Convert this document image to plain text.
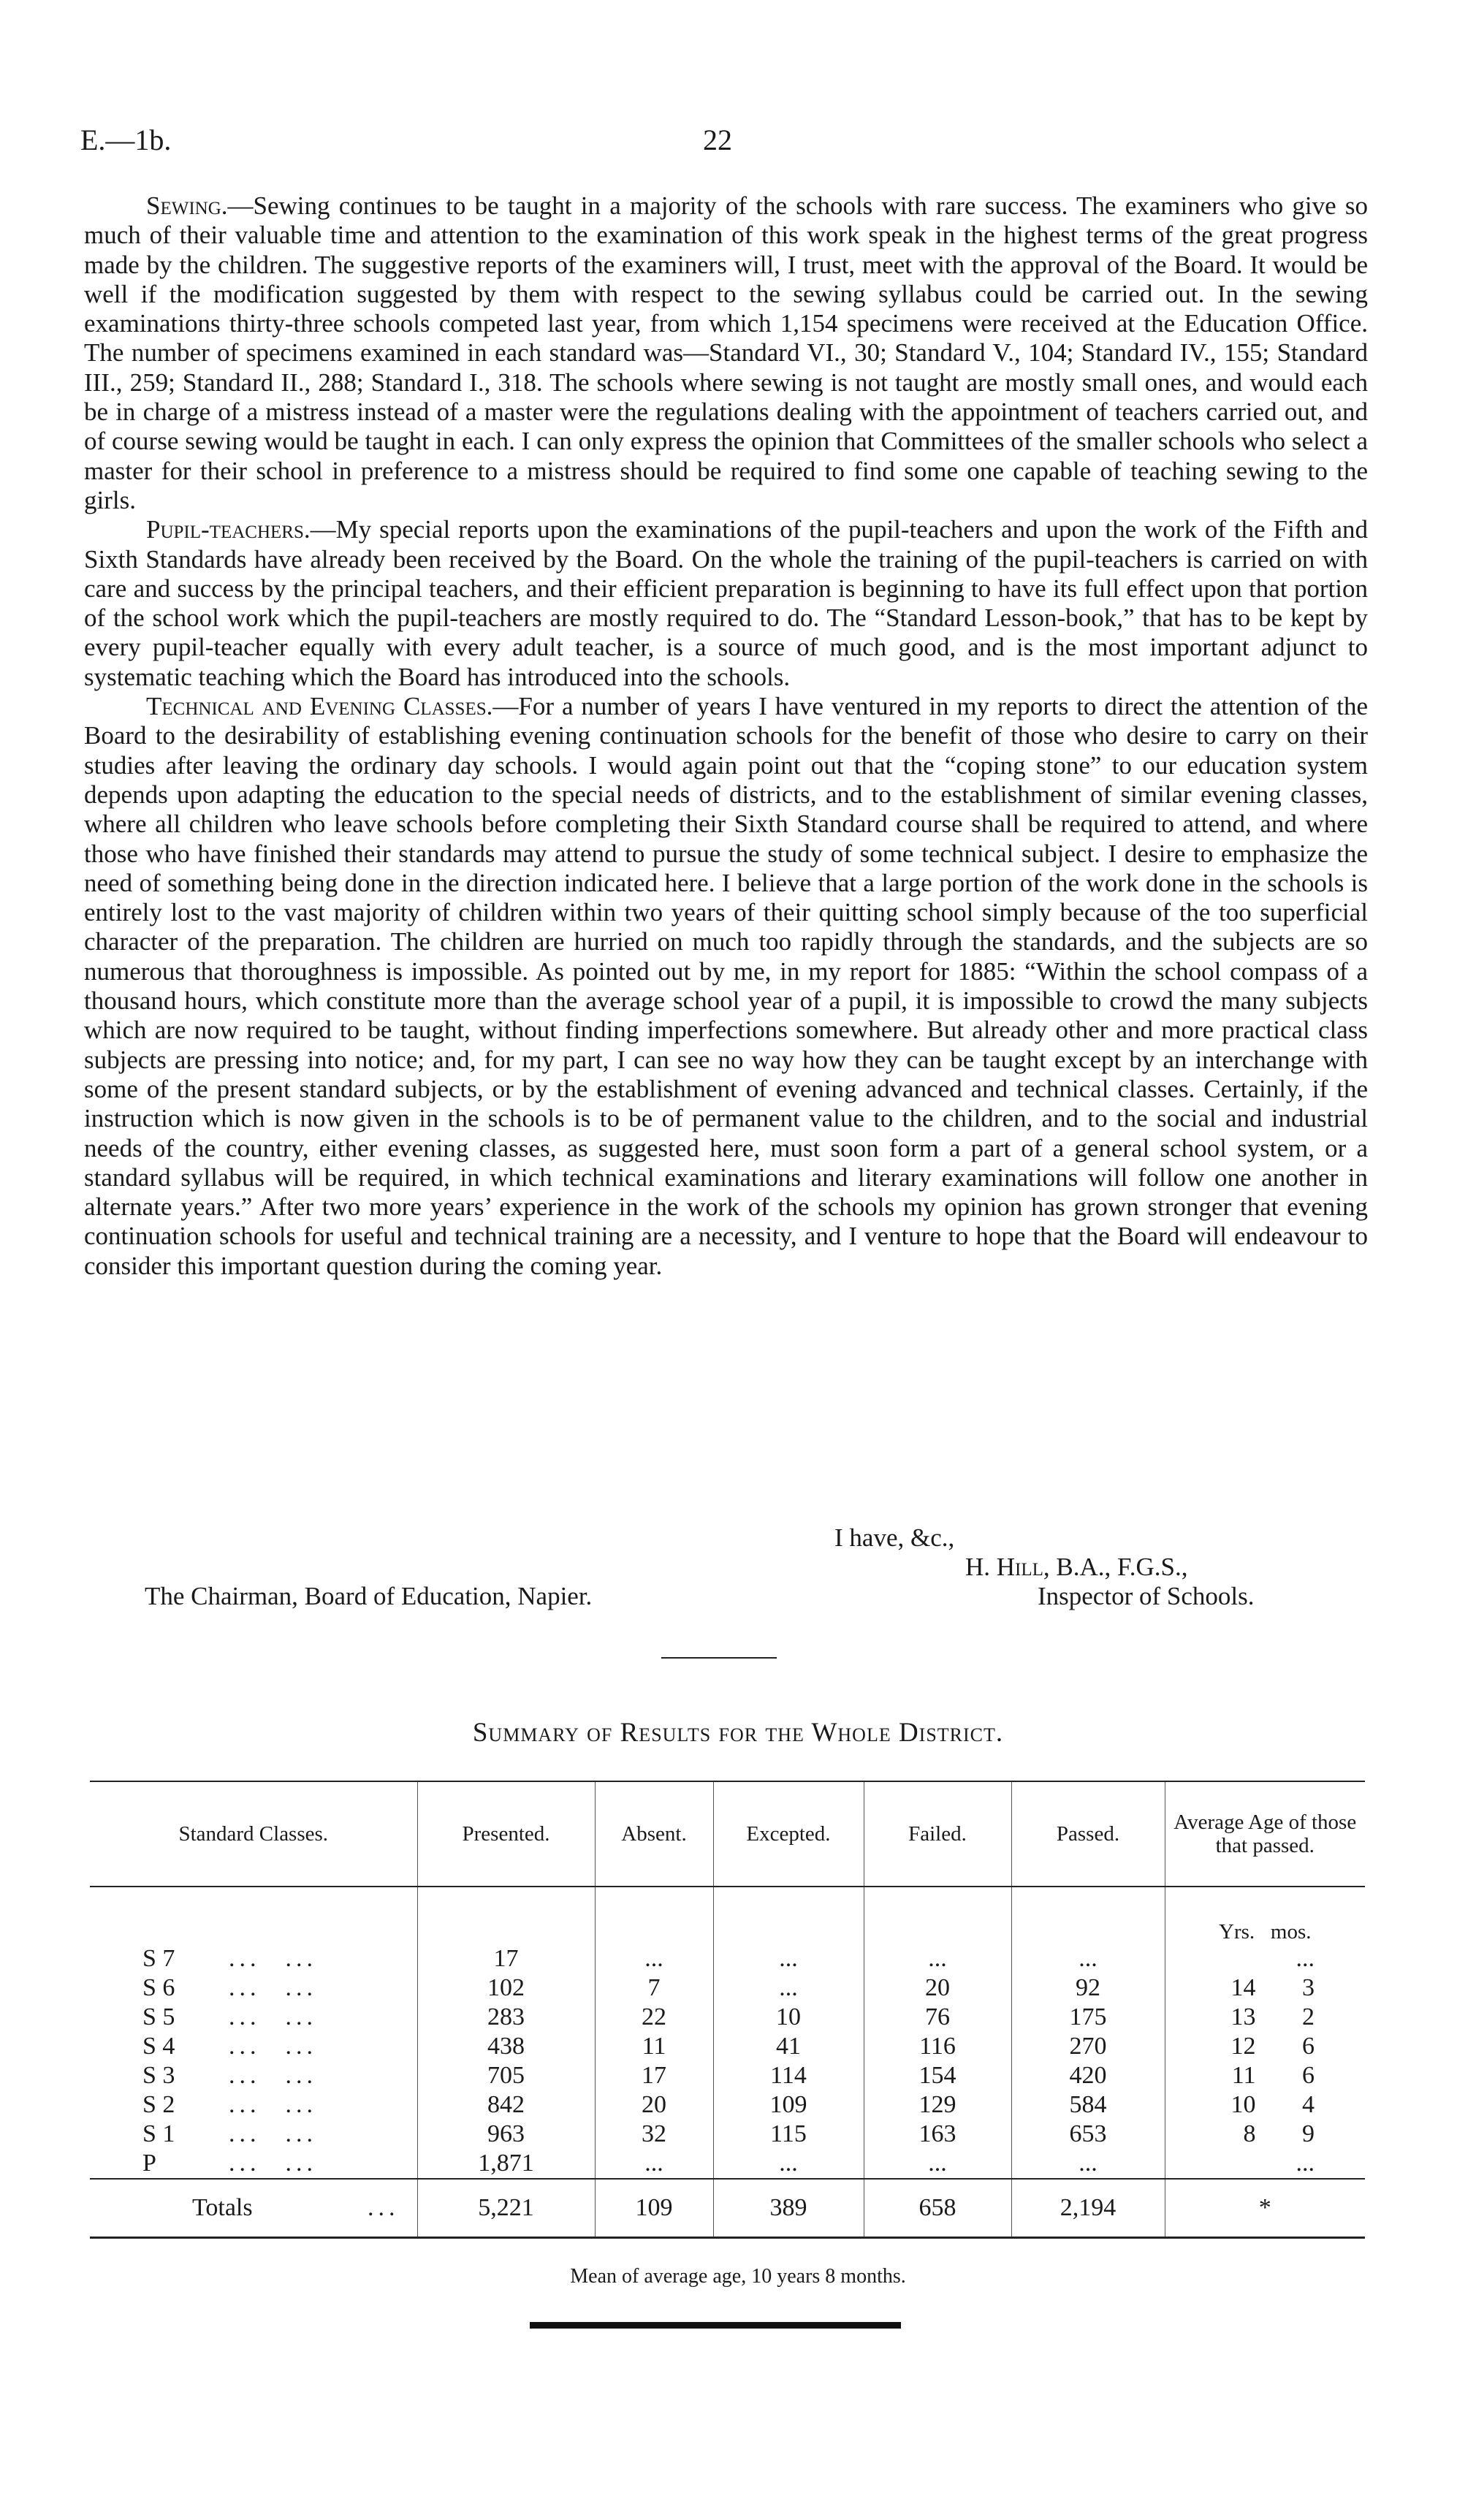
E.—1b.	22

Sewing.—Sewing continues to be taught in a majority of the schools with rare success. The examiners who give so much of their valuable time and attention to the examination of this work speak in the highest terms of the great progress made by the children. The suggestive reports of the examiners will, I trust, meet with the approval of the Board. It would be well if the modification suggested by them with respect to the sewing syllabus could be carried out. In the sewing examinations thirty-three schools competed last year, from which 1,154 specimens were received at the Education Office. The number of specimens examined in each standard was—Standard VI., 30; Standard V., 104; Standard IV., 155; Standard III., 259; Standard II., 288; Standard I., 318. The schools where sewing is not taught are mostly small ones, and would each be in charge of a mistress instead of a master were the regulations dealing with the appointment of teachers carried out, and of course sewing would be taught in each. I can only express the opinion that Committees of the smaller schools who select a master for their school in preference to a mistress should be required to find some one capable of teaching sewing to the girls.

Pupil-teachers.—My special reports upon the examinations of the pupil-teachers and upon the work of the Fifth and Sixth Standards have already been received by the Board. On the whole the training of the pupil-teachers is carried on with care and success by the principal teachers, and their efficient preparation is beginning to have its full effect upon that portion of the school work which the pupil-teachers are mostly required to do. The “Standard Lesson-book,” that has to be kept by every pupil-teacher equally with every adult teacher, is a source of much good, and is the most important adjunct to systematic teaching which the Board has introduced into the schools.

Technical and Evening Classes.—For a number of years I have ventured in my reports to direct the attention of the Board to the desirability of establishing evening continuation schools for the benefit of those who desire to carry on their studies after leaving the ordinary day schools. I would again point out that the “coping stone” to our education system depends upon adapting the education to the special needs of districts, and to the establishment of similar evening classes, where all children who leave schools before completing their Sixth Standard course shall be required to attend, and where those who have finished their standards may attend to pursue the study of some technical subject. I desire to emphasize the need of something being done in the direction indicated here. I believe that a large portion of the work done in the schools is entirely lost to the vast majority of children within two years of their quitting school simply because of the too superficial character of the preparation. The children are hurried on much too rapidly through the standards, and the subjects are so numerous that thoroughness is impossible. As pointed out by me, in my report for 1885: “Within the school compass of a thousand hours, which constitute more than the average school year of a pupil, it is impossible to crowd the many subjects which are now required to be taught, without finding imperfections somewhere. But already other and more practical class subjects are pressing into notice; and, for my part, I can see no way how they can be taught except by an interchange with some of the present standard subjects, or by the establishment of evening advanced and technical classes. Certainly, if the instruction which is now given in the schools is to be of permanent value to the children, and to the social and industrial needs of the country, either evening classes, as suggested here, must soon form a part of a general school system, or a standard syllabus will be required, in which technical examinations and literary examinations will follow one another in alternate years.” After two more years’ experience in the work of the schools my opinion has grown stronger that evening continuation schools for useful and technical training are a necessity, and I venture to hope that the Board will endeavour to consider this important question during the coming year.

I have, &c.,
H. Hill, B.A., F.G.S.,
The Chairman, Board of Education, Napier.	Inspector of Schools.
Summary of Results for the Whole District.
Standard Classes.	Presented.	Absent.	Excepted.	Failed.	Passed.	Average Age of those that passed.
						Yrs. mos.
S 7 ... ...	17	...	...	...	...	...
S 6 ... ...	102	7	...	20	92	14 3
S 5 ... ...	283	22	10	76	175	13 2
S 4 ... ...	438	11	41	116	270	12 6
S 3 ... ...	705	17	114	154	420	11 6
S 2 ... ...	842	20	109	129	584	10 4
S 1 ... ...	963	32	115	163	653	8 9
P ... ...	1,871	...	...	...	...	...
Totals ...	5,221	109	389	658	2,194	*
Mean of average age, 10 years 8 months.
